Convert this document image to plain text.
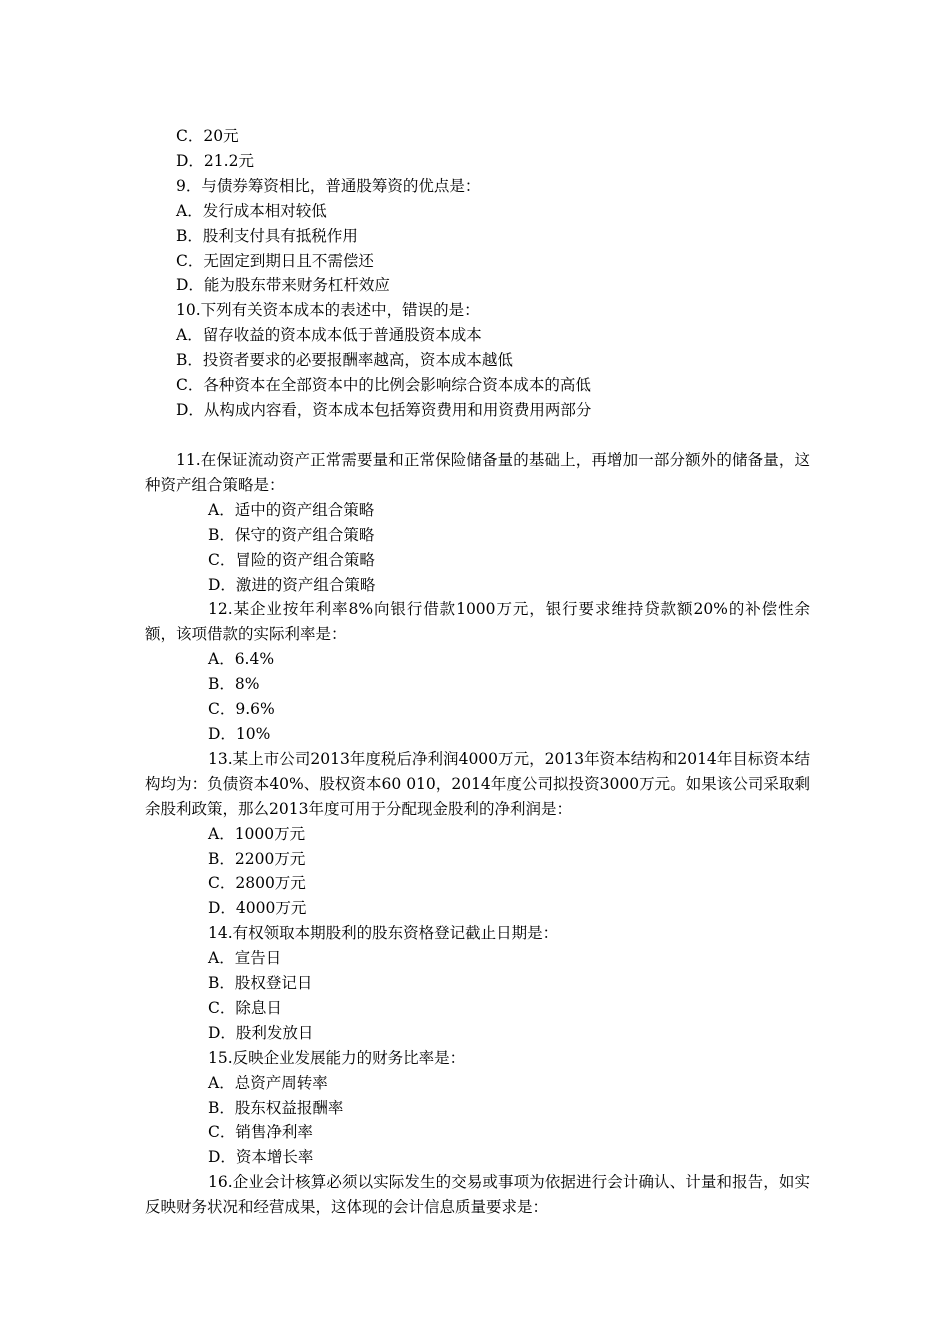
C．20元
D．21.2元
9．与债券筹资相比，普通股筹资的优点是：
A．发行成本相对较低
B．股利支付具有抵税作用
C．无固定到期日且不需偿还
D．能为股东带来财务杠杆效应
10.下列有关资本成本的表述中，错误的是：
A．留存收益的资本成本低于普通股资本成本
B．投资者要求的必要报酬率越高，资本成本越低
C．各种资本在全部资本中的比例会影响综合资本成本的高低
D．从构成内容看，资本成本包括筹资费用和用资费用两部分
11.在保证流动资产正常需要量和正常保险储备量的基础上，再增加一部分额外的储备量，这种资产组合策略是：
A．适中的资产组合策略
B．保守的资产组合策略
C．冒险的资产组合策略
D．激进的资产组合策略
12.某企业按年利率8%向银行借款1000万元，银行要求维持贷款额20%的补偿性余额，该项借款的实际利率是：
A．6.4%
B．8%
C．9.6%
D．10%
13.某上市公司2013年度税后净利润4000万元，2013年资本结构和2014年目标资本结构均为：负债资本40%、股权资本60 010，2014年度公司拟投资3000万元。如果该公司采取剩余股利政策，那么2013年度可用于分配现金股利的净利润是：
A．1000万元
B．2200万元
C．2800万元
D．4000万元
14.有权领取本期股利的股东资格登记截止日期是：
A．宣告日
B．股权登记日
C．除息日
D．股利发放日
15.反映企业发展能力的财务比率是：
A．总资产周转率
B．股东权益报酬率
C．销售净利率
D．资本增长率
16.企业会计核算必须以实际发生的交易或事项为依据进行会计确认、计量和报告，如实反映财务状况和经营成果，这体现的会计信息质量要求是：
